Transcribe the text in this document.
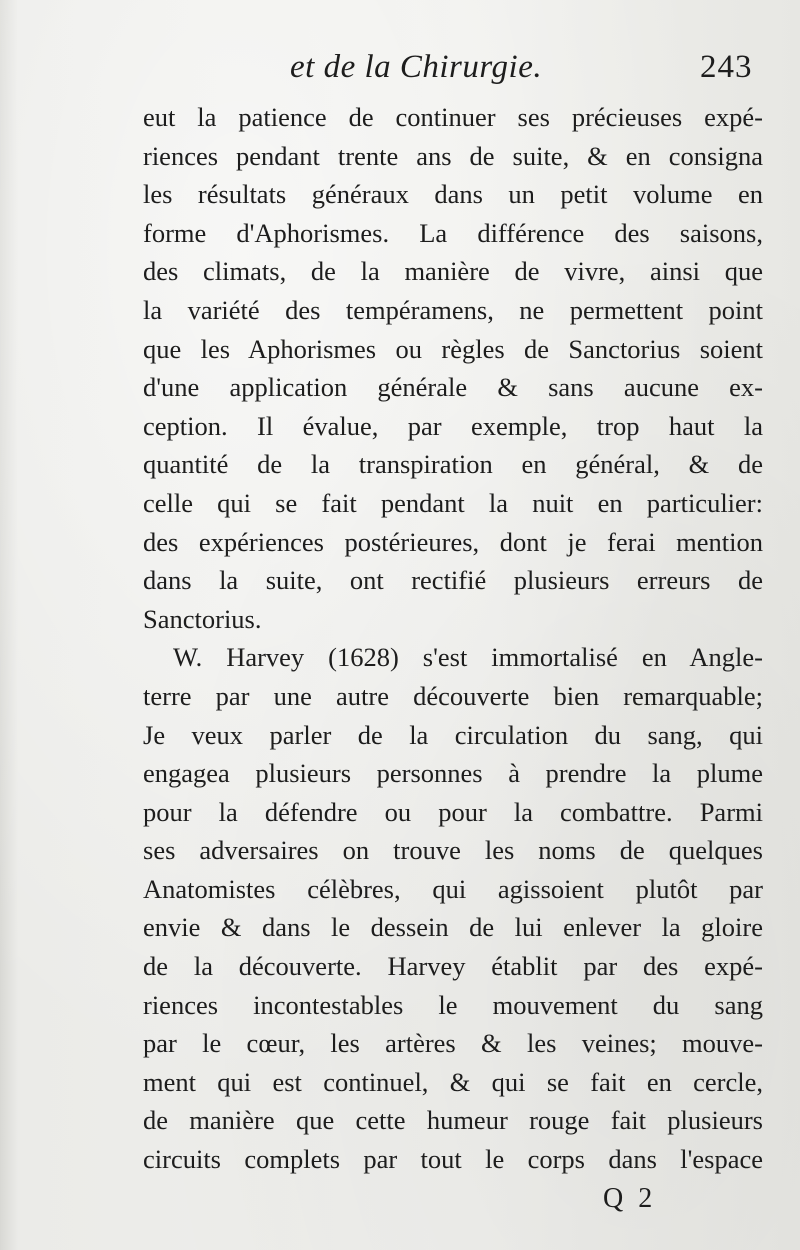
et de la Chirurgie.	243
eut la patience de continuer ses précieuses expé-
riences pendant trente ans de suite, & en consigna
les résultats généraux dans un petit volume en
forme d'Aphorismes. La différence des saisons,
des climats, de la manière de vivre, ainsi que
la variété des tempéramens, ne permettent point
que les Aphorismes ou règles de Sanctorius soient
d'une application générale & sans aucune ex-
ception. Il évalue, par exemple, trop haut la
quantité de la transpiration en général, & de
celle qui se fait pendant la nuit en particulier:
des expériences postérieures, dont je ferai mention
dans la suite, ont rectifié plusieurs erreurs de
Sanctorius.
W. Harvey (1628) s'est immortalisé en Angle-
terre par une autre découverte bien remarquable;
Je veux parler de la circulation du sang, qui
engagea plusieurs personnes à prendre la plume
pour la défendre ou pour la combattre. Parmi
ses adversaires on trouve les noms de quelques
Anatomistes célèbres, qui agissoient plutôt par
envie & dans le dessein de lui enlever la gloire
de la découverte. Harvey établit par des expé-
riences incontestables le mouvement du sang
par le cœur, les artères & les veines; mouve-
ment qui est continuel, & qui se fait en cercle,
de manière que cette humeur rouge fait plusieurs
circuits complets par tout le corps dans l'espace
Q 2
